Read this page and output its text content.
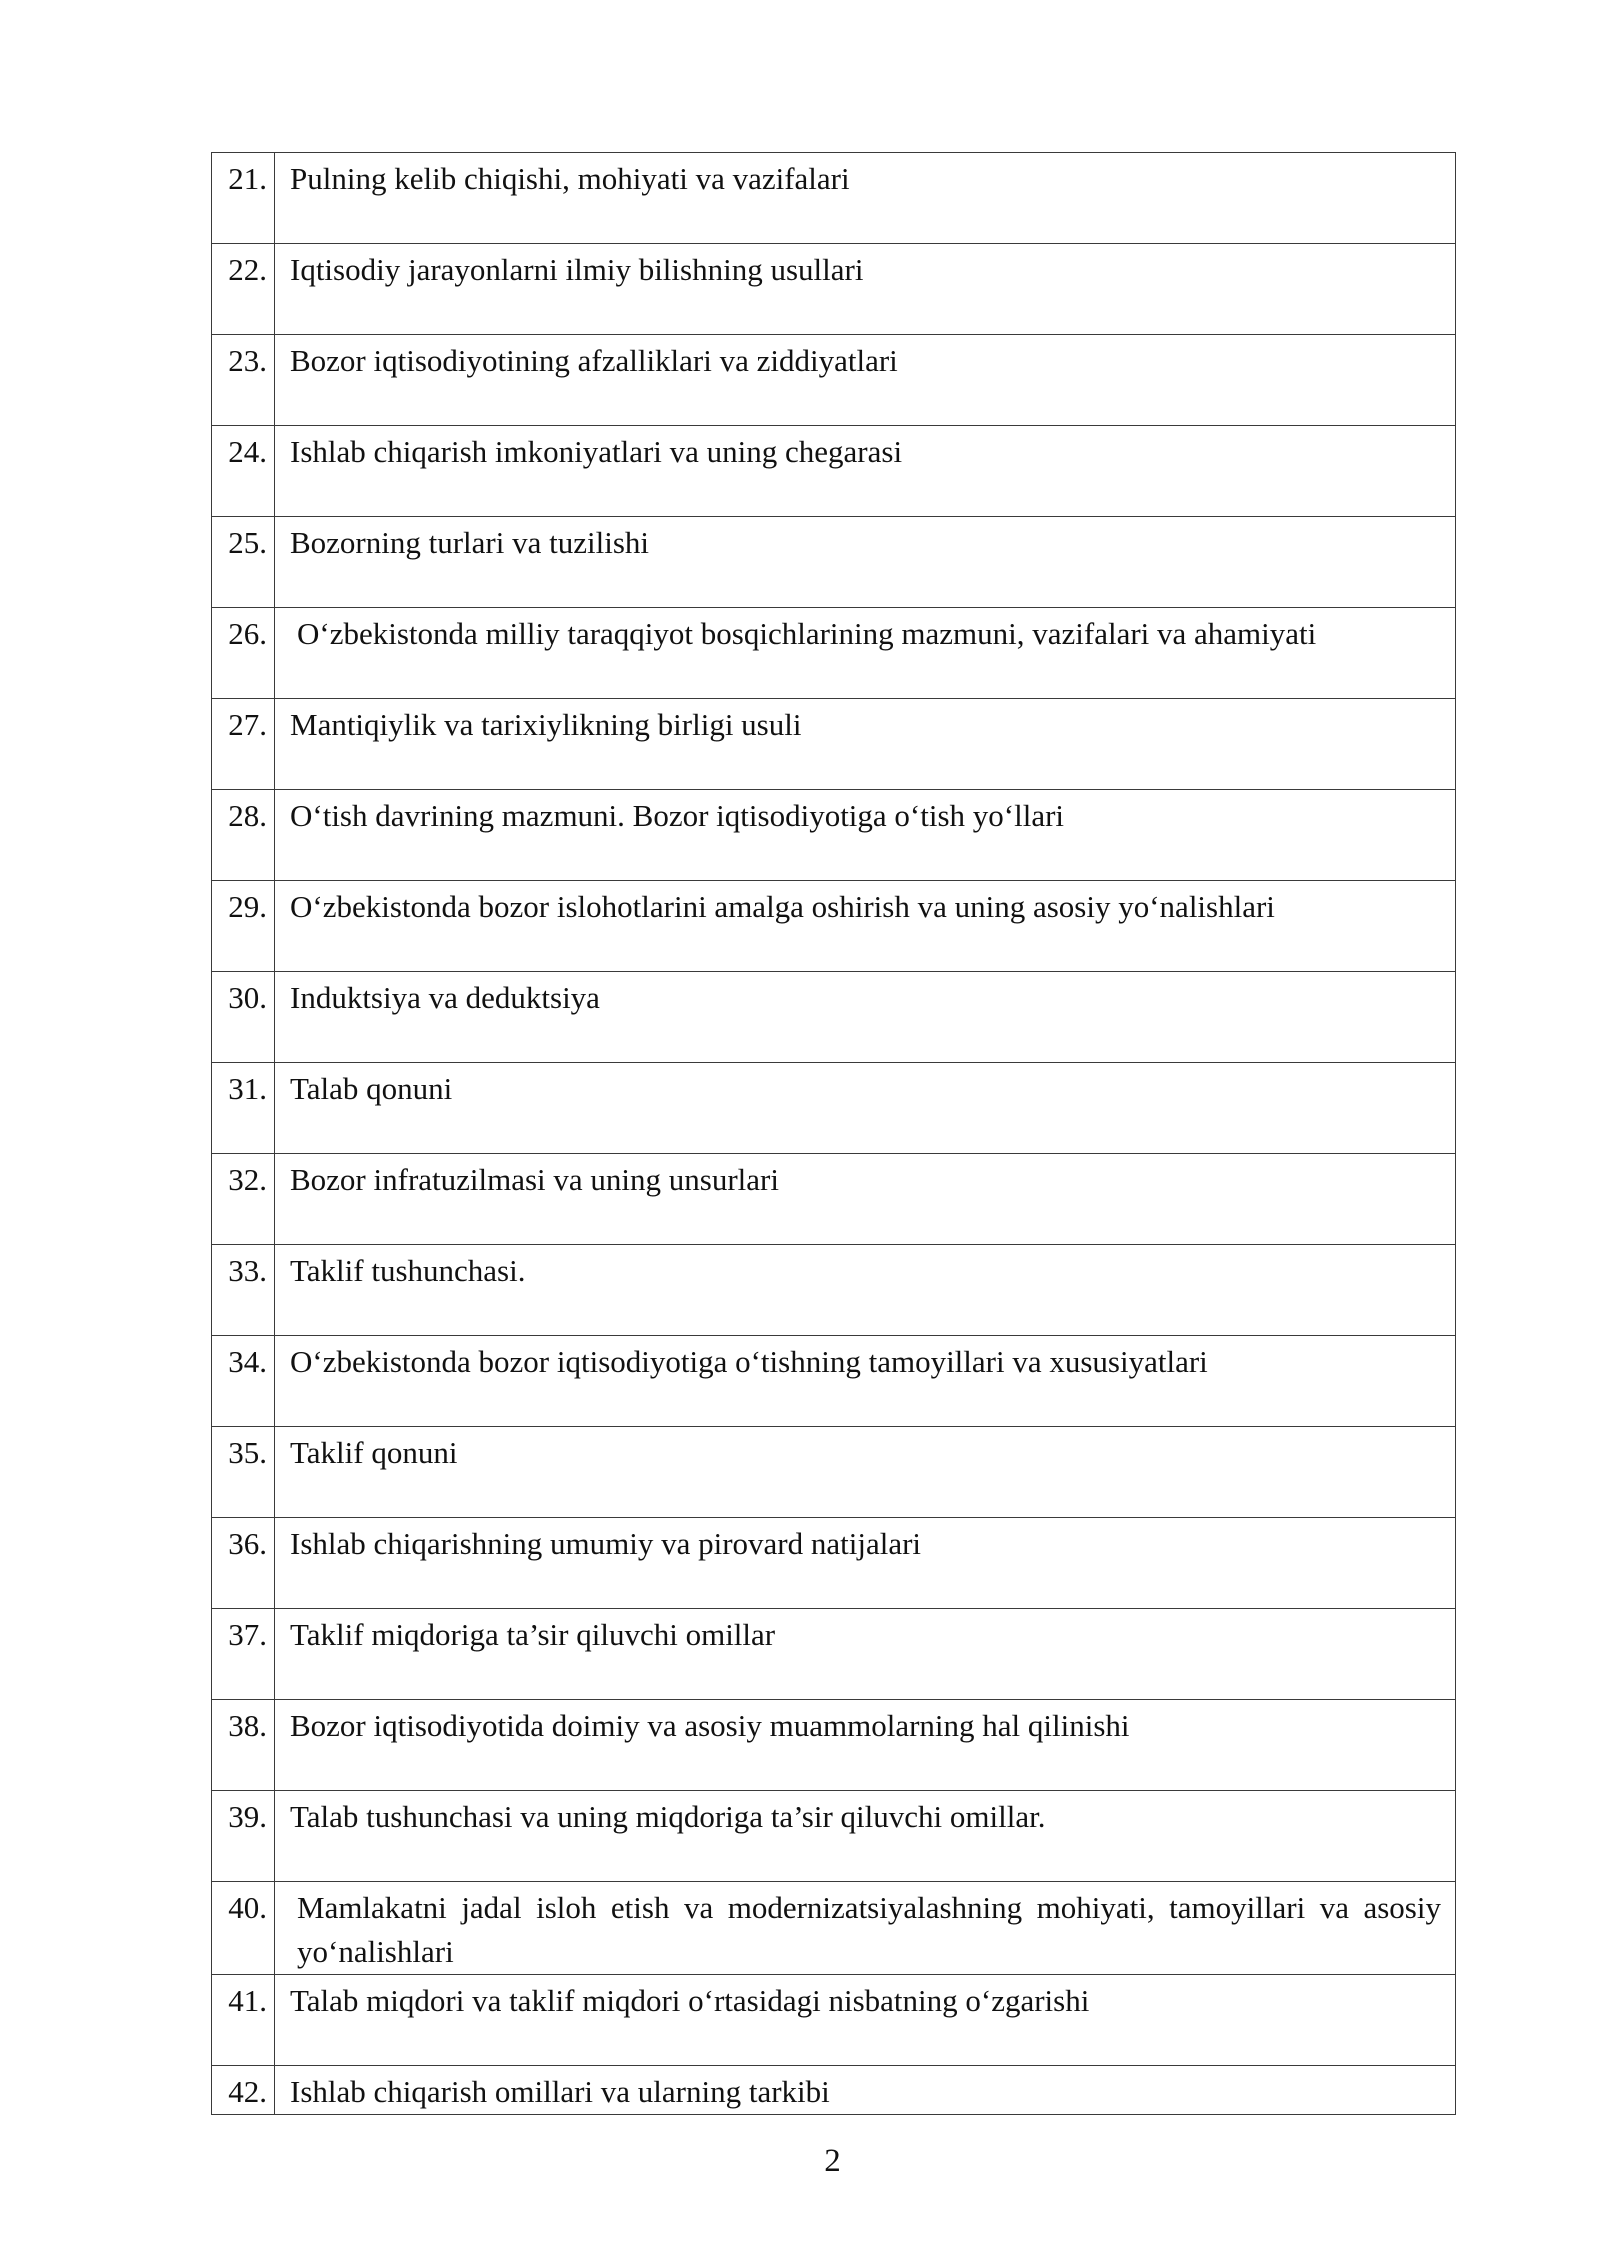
21.	Pulning kelib chiqishi, mohiyati va vazifalari
22.	Iqtisodiy jarayonlarni ilmiy bilishning usullari
23.	Bozor iqtisodiyotining afzalliklari va ziddiyatlari
24.	Ishlab chiqarish imkoniyatlari va uning chegarasi
25.	Bozorning turlari va tuzilishi
26.	O‘zbekistonda milliy taraqqiyot bosqichlarining mazmuni, vazifalari va ahamiyati
27.	Mantiqiylik va tarixiylikning birligi usuli
28.	O‘tish davrining mazmuni. Bozor iqtisodiyotiga o‘tish yo‘llari
29.	O‘zbekistonda bozor islohotlarini amalga oshirish va uning asosiy yo‘nalishlari
30.	Induktsiya va deduktsiya
31.	Talab qonuni
32.	Bozor infratuzilmasi va uning unsurlari
33.	Taklif tushunchasi.
34.	O‘zbekistonda bozor iqtisodiyotiga o‘tishning tamoyillari va xususiyatlari
35.	Taklif qonuni
36.	Ishlab chiqarishning umumiy va pirovard natijalari
37.	Taklif miqdoriga ta’sir qiluvchi omillar
38.	Bozor iqtisodiyotida doimiy va asosiy muammolarning hal qilinishi
39.	Talab tushunchasi va uning miqdoriga ta’sir qiluvchi omillar.
40.	Mamlakatni jadal isloh etish va modernizatsiyalashning mohiyati, tamoyillari va asosiy yo‘nalishlari
41.	Talab miqdori va taklif miqdori o‘rtasidagi nisbatning o‘zgarishi
42.	Ishlab chiqarish omillari va ularning tarkibi
2
